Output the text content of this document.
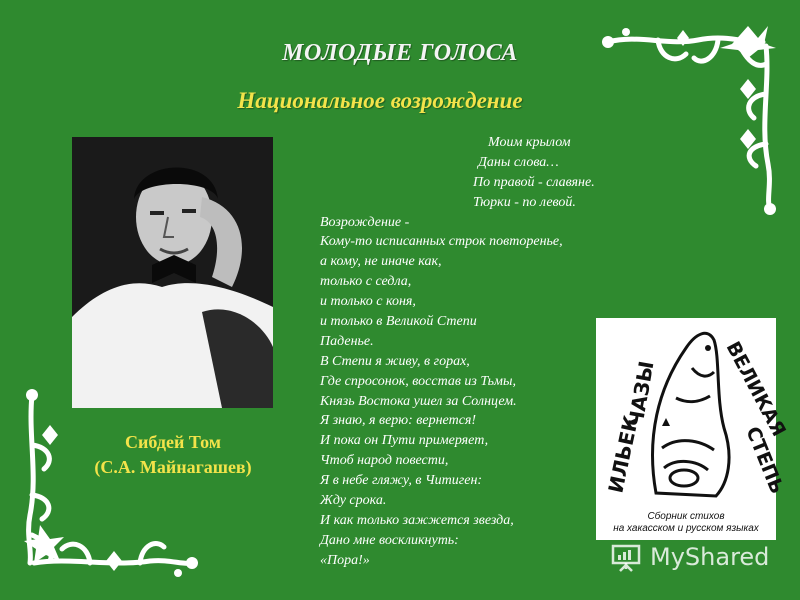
МОЛОДЫЕ ГОЛОСА
Национальное возрождение
Сибдей Том
(С.А. Майнагашев)
Моим крылом
Даны слова…
По правой - славяне.
Тюрки - по левой.
Возрождение -
Кому-то исписанных строк повторенье,
а кому, не иначе как,
только с седла,
и только с коня,
и только в Великой Степи
Паденье.
В Степи я живу, в горах,
Где спросонок, восстав из Тьмы,
Князь Востока ушел за Солнцем.
Я знаю, я верю: вернется!
И пока он Пути примеряет,
Чтоб народ повести,
Я в небе гляжу, в Читиген:
Жду срока.
И как только зажжется звезда,
Дано мне воскликнуть:
«Пора!»
ИЛЬЕК
ЧАЗЫ	ВЕЛИКАЯ
СТЕПЬ
Сборник стихов
на хакасском и русском языках
MyShared
